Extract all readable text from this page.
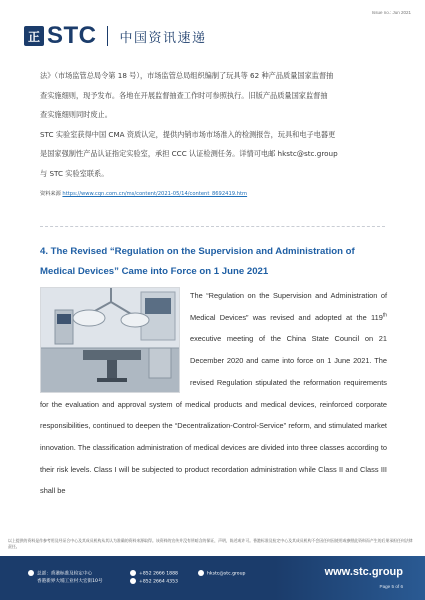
Issue no.: Jun 2021
正 STC 中国资讯速递
法》（市场监管总局令第 18 号），市场监管总局组织编制了玩具等 62 种产品质量国家监督抽
查实施细则，现予发布。各地在开展监督抽查工作时可参照执行。旧版产品质量国家监督抽
查实施细则同时废止。
STC 实验室获得中国 CMA 资质认定，提供内销市场市场准入的检测报告，玩具和电子电器更
是国家强制性产品认证指定实验室，承担 CCC 认证检测任务。详情可电邮 hkstc@stc.group
与 STC 实验室联系。
资料来源 https://www.cqn.com.cn/ms/content/2021-05/14/content_8692419.htm
4. The Revised “Regulation on the Supervision and Administration of
Medical Devices” Came into Force on 1 June 2021
The “Regulation on the Supervision and Administration of Medical Devices” was revised and adopted at the 119th executive meeting of the China State Council on 21 December 2020 and came into force on 1 June 2021. The revised Regulation stipulated the reformation requirements for the evaluation and approval system of medical products and medical devices, reinforced corporate responsibilities, continued to deepen the “Decentralization-Control-Service” reform, and stimulated market innovation. The classification administration of medical devices are divided into three classes according to their risk levels. Class I will be subjected to product recordation administration while Class II and Class III shall be
以上提供的资料是作参考用及经证合中心及其成员机构从其认为准确的资料来源取得。该资料的宣传并没有所暗含的保证，声明，陈述或许可。香港标准及检定中心及其成员机构不会因任何因使用或参照此资料而产生的后果承担任何法律责任。
总部：香港标准及检定中心
香港新界大埔工业村大宏街10号
+852 2666 1888
+852 2664 4353
hkstc@stc.group	www.stc.group
Page 5 of 6
